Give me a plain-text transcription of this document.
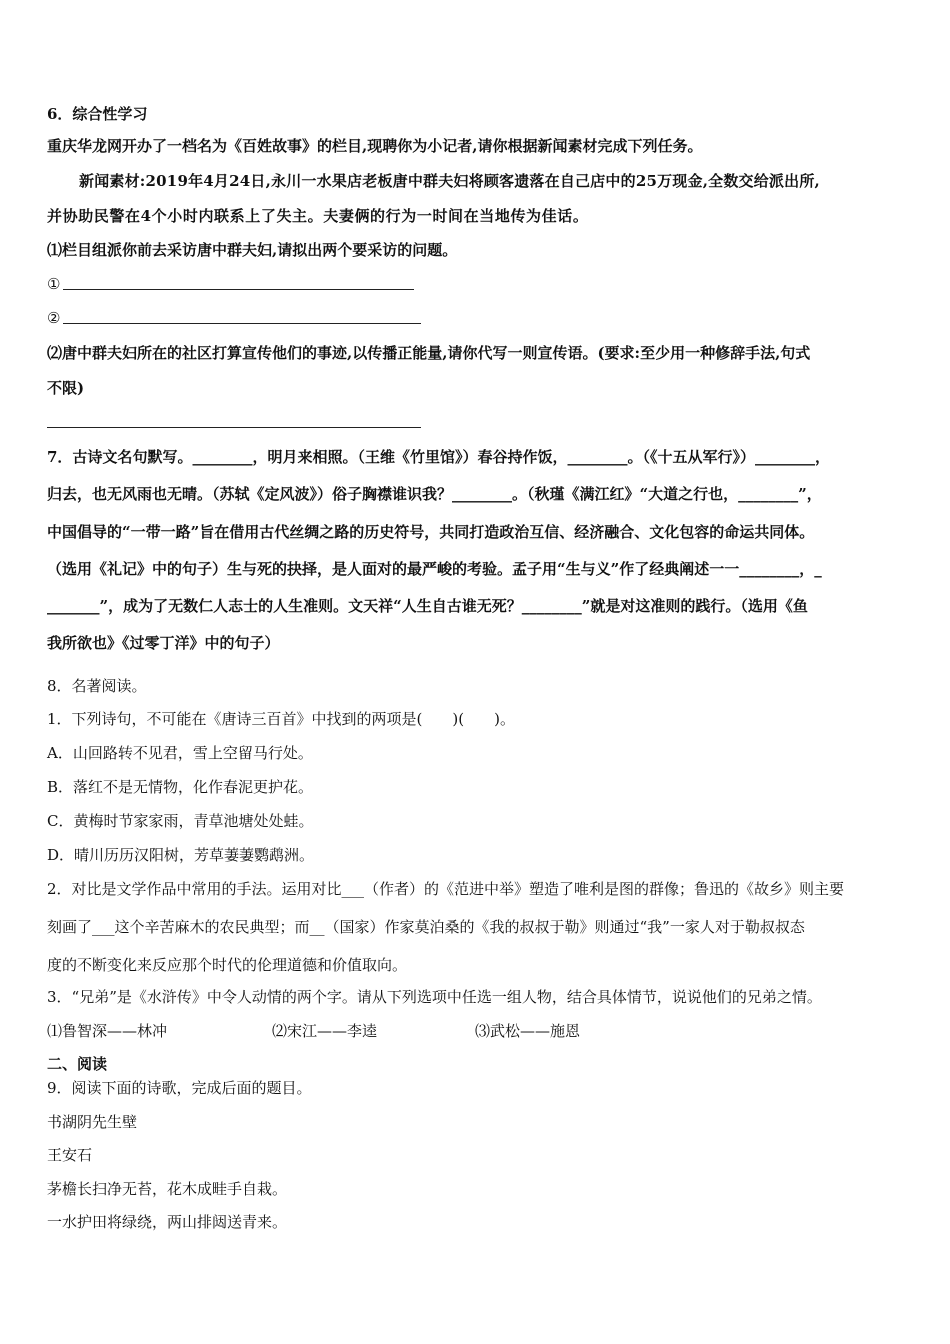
6．综合性学习
重庆华龙网开办了一档名为《百姓故事》的栏目,现聘你为小记者,请你根据新闻素材完成下列任务。
新闻素材:2019年4月24日,永川一水果店老板唐中群夫妇将顾客遗落在自己店中的25万现金,全数交给派出所,
并协助民警在4个小时内联系上了失主。夫妻俩的行为一时间在当地传为佳话。
⑴栏目组派你前去采访唐中群夫妇,请拟出两个要采访的问题。
①
②
⑵唐中群夫妇所在的社区打算宣传他们的事迹,以传播正能量,请你代写一则宣传语。(要求:至少用一种修辞手法,句式
不限)
7．古诗文名句默写。________，明月来相照。（王维《竹里馆》）春谷持作饭，________。（《十五从军行》）________，
归去，也无风雨也无晴。（苏轼《定风波》）俗子胸襟谁识我？________。（秋瑾《满江红》“大道之行也，________”，
中国倡导的“一带一路”旨在借用古代丝绸之路的历史符号，共同打造政治互信、经济融合、文化包容的命运共同体。
（选用《礼记》中的句子）生与死的抉择，是人面对的最严峻的考验。孟子用“生与义”作了经典阐述一一________，_
_______”，成为了无数仁人志士的人生准则。文天祥“人生自古谁无死？________”就是对这准则的践行。（选用《鱼
我所欲也》《过零丁洋》中的句子）
8．名著阅读。
1．下列诗句，不可能在《唐诗三百首》中找到的两项是(　　)(　　)。
A．山回路转不见君，雪上空留马行处。
B．落红不是无情物，化作春泥更护花。
C．黄梅时节家家雨，青草池塘处处蛙。
D．晴川历历汉阳树，芳草萋萋鹦鹉洲。
2．对比是文学作品中常用的手法。运用对比___（作者）的《范进中举》塑造了唯利是图的群像；鲁迅的《故乡》则主要
刻画了___这个辛苦麻木的农民典型；而__（国家）作家莫泊桑的《我的叔叔于勒》则通过“我”一家人对于勒叔叔态
度的不断变化来反应那个时代的伦理道德和价值取向。
3．“兄弟”是《水浒传》中令人动情的两个字。请从下列选项中任选一组人物，结合具体情节，说说他们的兄弟之情。
⑴鲁智深——林冲	⑵宋江——李逵	⑶武松——施恩
二、阅读
9．阅读下面的诗歌，完成后面的题目。
书湖阴先生壁
王安石
茅檐长扫净无苔，花木成畦手自栽。
一水护田将绿绕，两山排闼送青来。
